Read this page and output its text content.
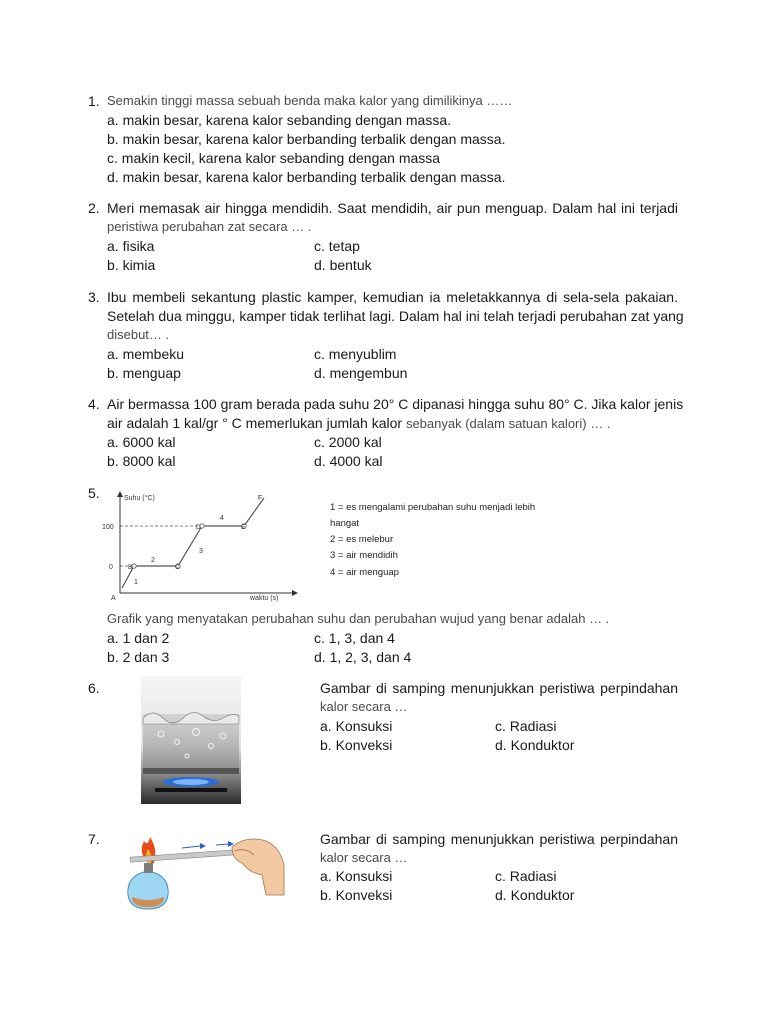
1. Semakin tinggi massa sebuah benda maka kalor yang dimilikinya ……
a. makin besar, karena kalor sebanding dengan massa.
b. makin besar, karena kalor berbanding terbalik dengan massa.
c. makin kecil, karena kalor sebanding dengan massa
d. makin besar, karena kalor berbanding terbalik dengan massa.
2. Meri memasak air hingga mendidih. Saat mendidih, air pun menguap. Dalam hal ini terjadi
peristiwa perubahan zat secara … .
a. fisika	c. tetap
b. kimia	d. bentuk
3. Ibu membeli sekantung plastic kamper, kemudian ia meletakkannya di sela-sela pakaian.
Setelah dua minggu, kamper tidak terlihat lagi. Dalam hal ini telah terjadi perubahan zat yang
disebut… .
a. membeku	c. menyublim
b. menguap	d. mengembun
4. Air bermassa 100 gram berada pada suhu 20° C dipanasi hingga suhu 80° C. Jika kalor jenis
air adalah 1 kal/gr ° C memerlukan jumlah kalor sebanyak (dalam satuan kalori) … .
a. 6000 kal	c. 2000 kal
b. 8000 kal	d. 4000 kal
5.	Suhu (°C)
waktu (s)
100
0
A
B	C
D	E
F
1
2
3
4
1 = es mengalami perubahan suhu menjadi lebih
hangat
2 = es melebur
3 = air mendidih
4 = air menguap
Grafik yang menyatakan perubahan suhu dan perubahan wujud yang benar adalah … .
a. 1 dan 2	c. 1, 3, dan 4
b. 2 dan 3	d. 1, 2, 3, dan 4
6.	Gambar di samping menunjukkan peristiwa perpindahan
kalor secara …
a. Konsuksi	c. Radiasi
b. Konveksi	d. Konduktor
7.	Gambar di samping menunjukkan peristiwa perpindahan
kalor secara …
a. Konsuksi	c. Radiasi
b. Konveksi	d. Konduktor
